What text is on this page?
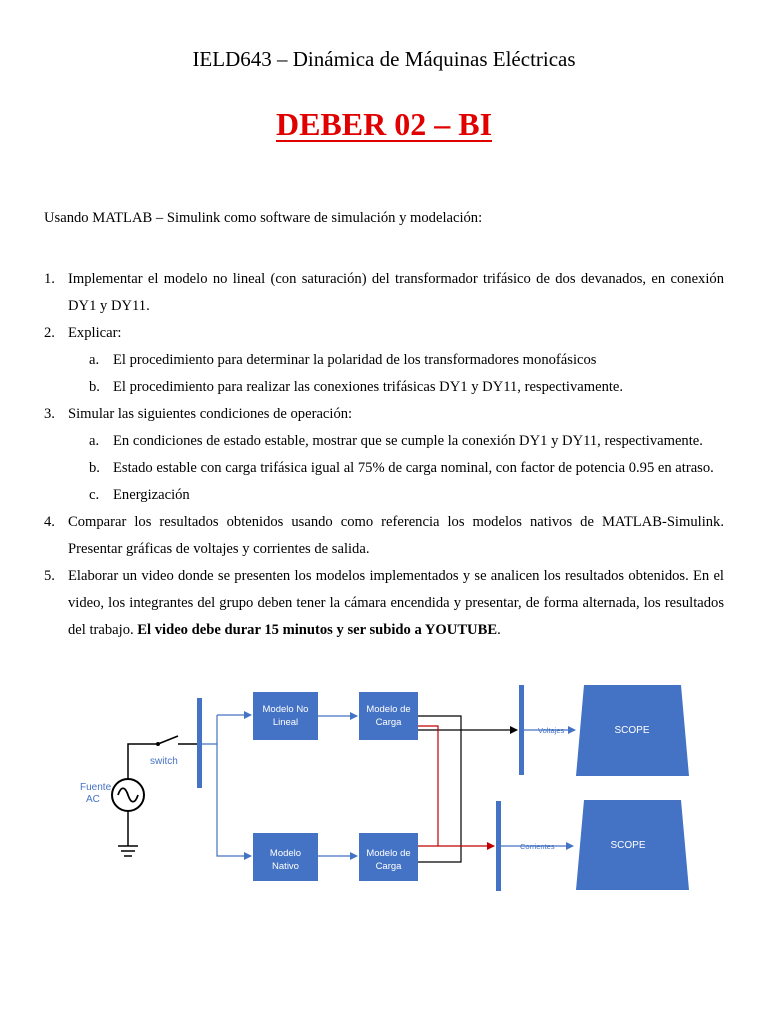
IELD643 – Dinámica de Máquinas Eléctricas
DEBER 02 – BI
Usando MATLAB – Simulink como software de simulación y modelación:
1. Implementar el modelo no lineal (con saturación) del transformador trifásico de dos devanados, en conexión DY1 y DY11.
2. Explicar:
a. El procedimiento para determinar la polaridad de los transformadores monofásicos
b. El procedimiento para realizar las conexiones trifásicas DY1 y DY11, respectivamente.
3. Simular las siguientes condiciones de operación:
a. En condiciones de estado estable, mostrar que se cumple la conexión DY1 y DY11, respectivamente.
b. Estado estable con carga trifásica igual al 75% de carga nominal, con factor de potencia 0.95 en atraso.
c. Energización
4. Comparar los resultados obtenidos usando como referencia los modelos nativos de MATLAB-Simulink. Presentar gráficas de voltajes y corrientes de salida.
5. Elaborar un video donde se presenten los modelos implementados y se analicen los resultados obtenidos. En el video, los integrantes del grupo deben tener la cámara encendida y presentar, de forma alternada, los resultados del trabajo. El video debe durar 15 minutos y ser subido a YOUTUBE.
Fuente
AC
switch
Modelo No
Lineal
Modelo
Nativo
Modelo de
Carga
Modelo de
Carga
Voltajes
Corrientes
SCOPE
SCOPE
